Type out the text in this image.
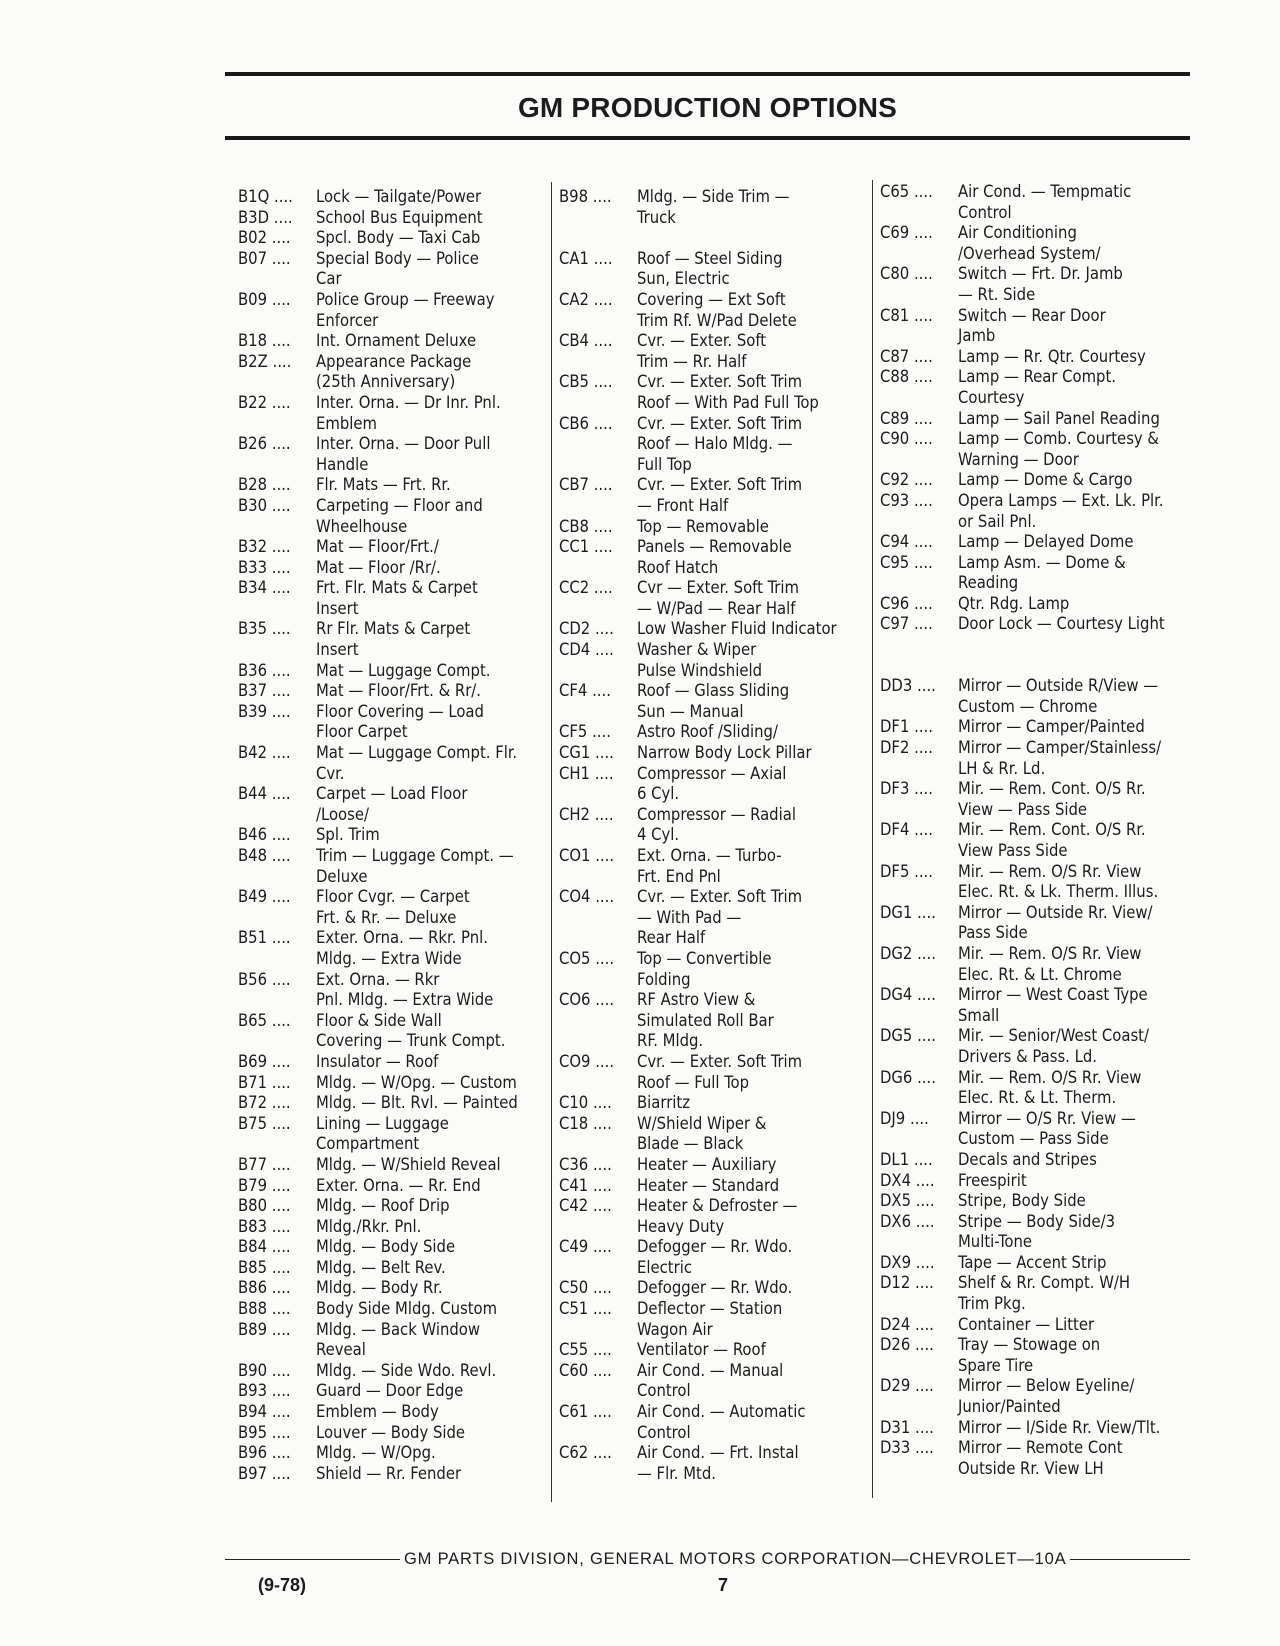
GM PRODUCTION OPTIONS
B1Q ....	Lock — Tailgate/Power
B3D ....	School Bus Equipment
B02 ....	Spcl. Body — Taxi Cab
B07 ....	Special Body — Police
Car
B09 ....	Police Group — Freeway
Enforcer
B18 ....	Int. Ornament Deluxe
B2Z ....	Appearance Package
(25th Anniversary)
B22 ....	Inter. Orna. — Dr Inr. Pnl.
Emblem
B26 ....	Inter. Orna. — Door Pull
Handle
B28 ....	Flr. Mats — Frt. Rr.
B30 ....	Carpeting — Floor and
Wheelhouse
B32 ....	Mat — Floor/Frt./
B33 ....	Mat — Floor /Rr/.
B34 ....	Frt. Flr. Mats & Carpet
Insert
B35 ....	Rr Flr. Mats & Carpet
Insert
B36 ....	Mat — Luggage Compt.
B37 ....	Mat — Floor/Frt. & Rr/.
B39 ....	Floor Covering — Load
Floor Carpet
B42 ....	Mat — Luggage Compt. Flr.
Cvr.
B44 ....	Carpet — Load Floor
/Loose/
B46 ....	Spl. Trim
B48 ....	Trim — Luggage Compt. —
Deluxe
B49 ....	Floor Cvgr. — Carpet
Frt. & Rr. — Deluxe
B51 ....	Exter. Orna. — Rkr. Pnl.
Mldg. — Extra Wide
B56 ....	Ext. Orna. — Rkr
Pnl. Mldg. — Extra Wide
B65 ....	Floor & Side Wall
Covering — Trunk Compt.
B69 ....	Insulator — Roof
B71 ....	Mldg. — W/Opg. — Custom
B72 ....	Mldg. — Blt. Rvl. — Painted
B75 ....	Lining — Luggage
Compartment
B77 ....	Mldg. — W/Shield Reveal
B79 ....	Exter. Orna. — Rr. End
B80 ....	Mldg. — Roof Drip
B83 ....	Mldg./Rkr. Pnl.
B84 ....	Mldg. — Body Side
B85 ....	Mldg. — Belt Rev.
B86 ....	Mldg. — Body Rr.
B88 ....	Body Side Mldg. Custom
B89 ....	Mldg. — Back Window
Reveal
B90 ....	Mldg. — Side Wdo. Revl.
B93 ....	Guard — Door Edge
B94 ....	Emblem — Body
B95 ....	Louver — Body Side
B96 ....	Mldg. — W/Opg.
B97 ....	Shield — Rr. Fender
B98 ....	Mldg. — Side Trim —
Truck
CA1 ....	Roof — Steel Siding
Sun, Electric
CA2 ....	Covering — Ext Soft
Trim Rf. W/Pad Delete
CB4 ....	Cvr. — Exter. Soft
Trim — Rr. Half
CB5 ....	Cvr. — Exter. Soft Trim
Roof — With Pad Full Top
CB6 ....	Cvr. — Exter. Soft Trim
Roof — Halo Mldg. —
Full Top
CB7 ....	Cvr. — Exter. Soft Trim
— Front Half
CB8 ....	Top — Removable
CC1 ....	Panels — Removable
Roof Hatch
CC2 ....	Cvr — Exter. Soft Trim
— W/Pad — Rear Half
CD2 ....	Low Washer Fluid Indicator
CD4 ....	Washer & Wiper
Pulse Windshield
CF4 ....	Roof — Glass Sliding
Sun — Manual
CF5 ....	Astro Roof /Sliding/
CG1 ....	Narrow Body Lock Pillar
CH1 ....	Compressor — Axial
6 Cyl.
CH2 ....	Compressor — Radial
4 Cyl.
CO1 ....	Ext. Orna. — Turbo-
Frt. End Pnl
CO4 ....	Cvr. — Exter. Soft Trim
— With Pad —
Rear Half
CO5 ....	Top — Convertible
Folding
CO6 ....	RF Astro View &
Simulated Roll Bar
RF. Mldg.
CO9 ....	Cvr. — Exter. Soft Trim
Roof — Full Top
C10 ....	Biarritz
C18 ....	W/Shield Wiper &
Blade — Black
C36 ....	Heater — Auxiliary
C41 ....	Heater — Standard
C42 ....	Heater & Defroster —
Heavy Duty
C49 ....	Defogger — Rr. Wdo.
Electric
C50 ....	Defogger — Rr. Wdo.
C51 ....	Deflector — Station
Wagon Air
C55 ....	Ventilator — Roof
C60 ....	Air Cond. — Manual
Control
C61 ....	Air Cond. — Automatic
Control
C62 ....	Air Cond. — Frt. Instal
— Flr. Mtd.
C65 ....	Air Cond. — Tempmatic
Control
C69 ....	Air Conditioning
/Overhead System/
C80 ....	Switch — Frt. Dr. Jamb
— Rt. Side
C81 ....	Switch — Rear Door
Jamb
C87 ....	Lamp — Rr. Qtr. Courtesy
C88 ....	Lamp — Rear Compt.
Courtesy
C89 ....	Lamp — Sail Panel Reading
C90 ....	Lamp — Comb. Courtesy &
Warning — Door
C92 ....	Lamp — Dome & Cargo
C93 ....	Opera Lamps — Ext. Lk. Plr.
or Sail Pnl.
C94 ....	Lamp — Delayed Dome
C95 ....	Lamp Asm. — Dome &
Reading
C96 ....	Qtr. Rdg. Lamp
C97 ....	Door Lock — Courtesy Light
DD3 ....	Mirror — Outside R/View —
Custom — Chrome
DF1 ....	Mirror — Camper/Painted
DF2 ....	Mirror — Camper/Stainless/
LH & Rr. Ld.
DF3 ....	Mir. — Rem. Cont. O/S Rr.
View — Pass Side
DF4 ....	Mir. — Rem. Cont. O/S Rr.
View Pass Side
DF5 ....	Mir. — Rem. O/S Rr. View
Elec. Rt. & Lk. Therm. Illus.
DG1 ....	Mirror — Outside Rr. View/
Pass Side
DG2 ....	Mir. — Rem. O/S Rr. View
Elec. Rt. & Lt. Chrome
DG4 ....	Mirror — West Coast Type
Small
DG5 ....	Mir. — Senior/West Coast/
Drivers & Pass. Ld.
DG6 ....	Mir. — Rem. O/S Rr. View
Elec. Rt. & Lt. Therm.
DJ9 ....	Mirror — O/S Rr. View —
Custom — Pass Side
DL1 ....	Decals and Stripes
DX4 ....	Freespirit
DX5 ....	Stripe, Body Side
DX6 ....	Stripe — Body Side/3
Multi-Tone
DX9 ....	Tape — Accent Strip
D12 ....	Shelf & Rr. Compt. W/H
Trim Pkg.
D24 ....	Container — Litter
D26 ....	Tray — Stowage on
Spare Tire
D29 ....	Mirror — Below Eyeline/
Junior/Painted
D31 ....	Mirror — I/Side Rr. View/Tlt.
D33 ....	Mirror — Remote Cont
Outside Rr. View LH
GM PARTS DIVISION, GENERAL MOTORS CORPORATION—CHEVROLET—10A
(9-78)	7
